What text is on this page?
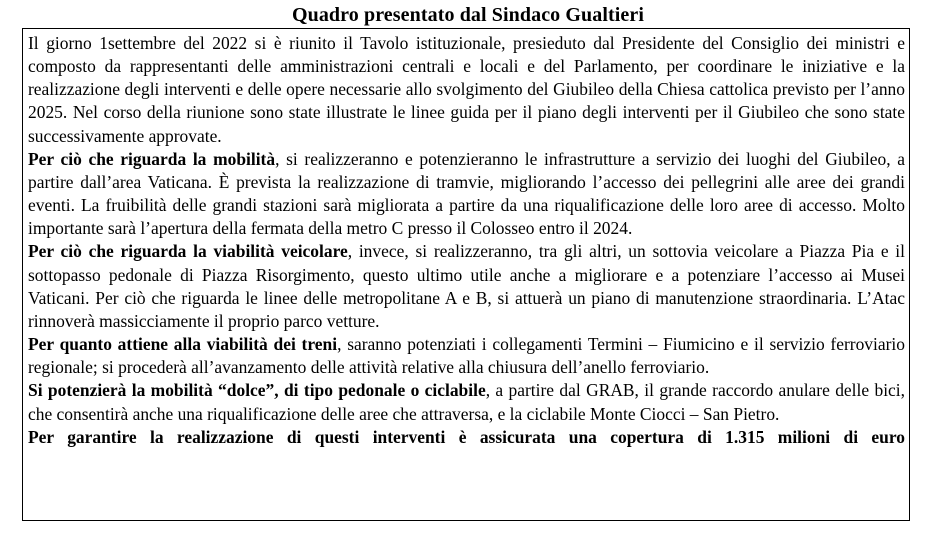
Quadro presentato dal Sindaco Gualtieri

Il giorno 1settembre del 2022 si è riunito il Tavolo istituzionale, presieduto dal Presidente del Consiglio dei ministri e composto da rappresentanti delle amministrazioni centrali e locali e del Parlamento, per coordinare le iniziative e la realizzazione degli interventi e delle opere necessarie allo svolgimento del Giubileo della Chiesa cattolica previsto per l’anno 2025. Nel corso della riunione sono state illustrate le linee guida per il piano degli interventi per il Giubileo che sono state successivamente approvate.

Per ciò che riguarda la mobilità, si realizzeranno e potenzieranno le infrastrutture a servizio dei luoghi del Giubileo, a partire dall’area Vaticana. È prevista la realizzazione di tramvie, migliorando l’accesso dei pellegrini alle aree dei grandi eventi. La fruibilità delle grandi stazioni sarà migliorata a partire da una riqualificazione delle loro aree di accesso. Molto importante sarà l’apertura della fermata della metro C presso il Colosseo entro il 2024.

Per ciò che riguarda la viabilità veicolare, invece, si realizzeranno, tra gli altri, un sottovia veicolare a Piazza Pia e il sottopasso pedonale di Piazza Risorgimento, questo ultimo utile anche a migliorare e a potenziare l’accesso ai Musei Vaticani. Per ciò che riguarda le linee delle metropolitane A e B, si attuerà un piano di manutenzione straordinaria. L’Atac rinnoverà massicciamente il proprio parco vetture.

Per quanto attiene alla viabilità dei treni, saranno potenziati i collegamenti Termini – Fiumicino e il servizio ferroviario regionale; si procederà all’avanzamento delle attività relative alla chiusura dell’anello ferroviario.

Si potenzierà la mobilità “dolce”, di tipo pedonale o ciclabile, a partire dal GRAB, il grande raccordo anulare delle bici, che consentirà anche una riqualificazione delle aree che attraversa, e la ciclabile Monte Ciocci – San Pietro.

Per garantire la realizzazione di questi interventi è assicurata una copertura di 1.315 milioni di euro
